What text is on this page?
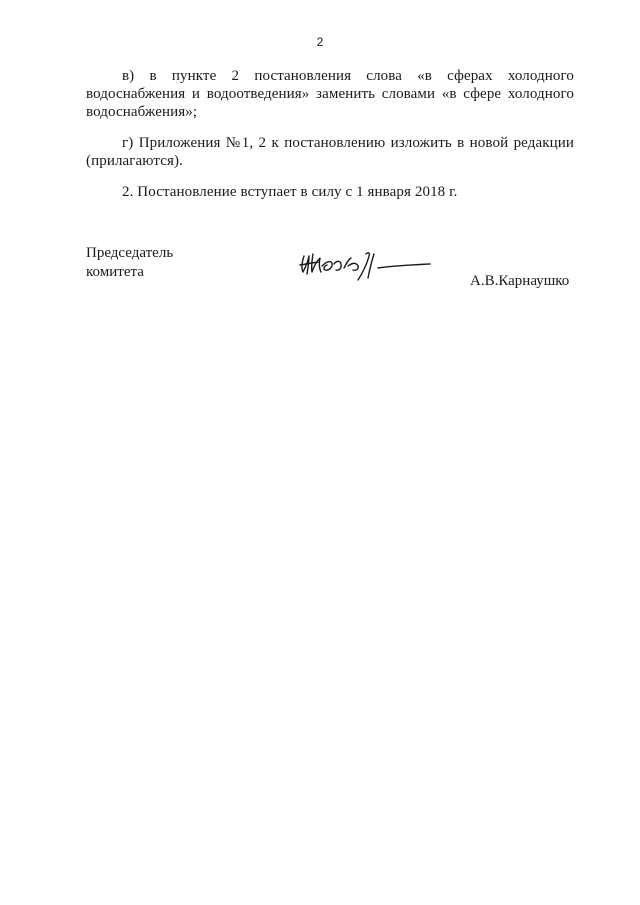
2
в) в пункте 2 постановления слова «в сферах холодного водоснабжения и водоотведения» заменить словами «в сфере холодного водоснабжения»;
г) Приложения №1, 2 к постановлению изложить в новой редакции (прилагаются).
2. Постановление вступает в силу с 1 января 2018 г.
Председатель
комитета
А.В.Карнаушко
